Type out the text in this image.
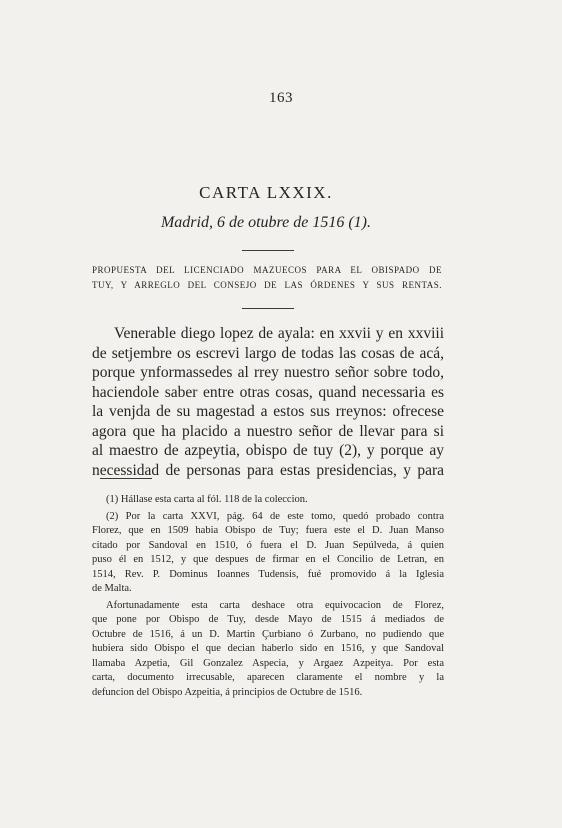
163
CARTA LXXIX.
Madrid, 6 de otubre de 1516 (1).
PROPUESTA DEL LICENCIADO MAZUECOS PARA EL OBISPADO DE
TUY, Y ARREGLO DEL CONSEJO DE LAS ÓRDENES Y SUS RENTAS.
Venerable diego lopez de ayala: en xxvii y en xxviii
de setjembre os escrevi largo de todas las cosas de acá,
porque ynformassedes al rrey nuestro señor sobre todo,
haciendole saber entre otras cosas, quand necessaria es
la venjda de su magestad a estos sus rreynos: ofrecese
agora que ha placido a nuestro señor de llevar para si
al maestro de azpeytia, obispo de tuy (2), y porque ay
necessidad de personas para estas presidencias, y para
(1) Hállase esta carta al fól. 118 de la coleccion.
(2) Por la carta XXVI, pág. 64 de este tomo, quedó probado contra
Florez, que en 1509 habia Obispo de Tuy; fuera este el D. Juan Manso
citado por Sandoval en 1510, ó fuera el D. Juan Sepúlveda, á quien
puso él en 1512, y que despues de firmar en el Concilio de Letran, en
1514, Rev. P. Dominus Ioannes Tudensis, fué promovido á la Iglesia
de Malta.
Afortunadamente esta carta deshace otra equivocacion de Florez,
que pone por Obispo de Tuy, desde Mayo de 1515 á mediados de
Octubre de 1516, á un D. Martin Çurbiano ó Zurbano, no pudiendo que
hubiera sido Obispo el que decian haberlo sido en 1516, y que Sandoval
llamaba Azpetia, Gil Gonzalez Aspecia, y Argaez Azpeitya. Por esta
carta, documento irrecusable, aparecen claramente el nombre y la
defuncion del Obispo Azpeitia, á principios de Octubre de 1516.
